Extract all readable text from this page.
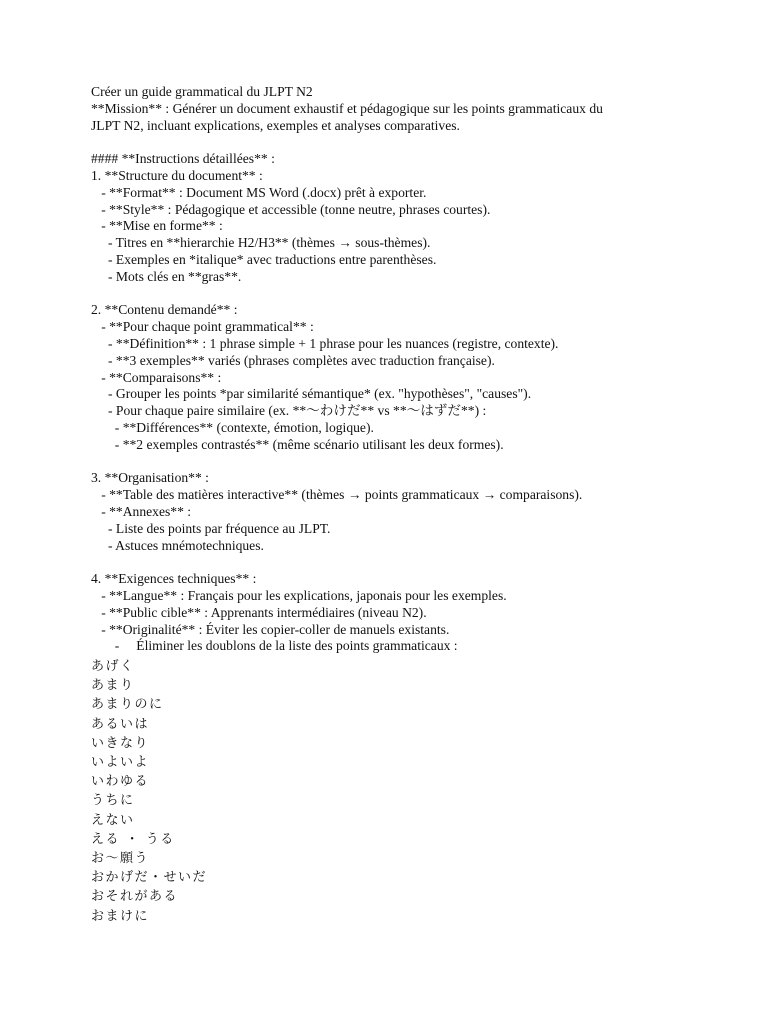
Créer un guide grammatical du JLPT N2
**Mission** : Générer un document exhaustif et pédagogique sur les points grammaticaux du
JLPT N2, incluant explications, exemples et analyses comparatives.
#### **Instructions détaillées** :
1. **Structure du document** :
- **Format** : Document MS Word (.docx) prêt à exporter.
- **Style** : Pédagogique et accessible (tonne neutre, phrases courtes).
- **Mise en forme** :
- Titres en **hierarchie H2/H3** (thèmes → sous-thèmes).
- Exemples en *italique* avec traductions entre parenthèses.
- Mots clés en **gras**.
2. **Contenu demandé** :
- **Pour chaque point grammatical** :
- **Définition** : 1 phrase simple + 1 phrase pour les nuances (registre, contexte).
- **3 exemples** variés (phrases complètes avec traduction française).
- **Comparaisons** :
- Grouper les points *par similarité sémantique* (ex. "hypothèses", "causes").
- Pour chaque paire similaire (ex. **～わけだ** vs **～はずだ**) :
- **Différences** (contexte, émotion, logique).
- **2 exemples contrastés** (même scénario utilisant les deux formes).
3. **Organisation** :
- **Table des matières interactive** (thèmes → points grammaticaux → comparaisons).
- **Annexes** :
- Liste des points par fréquence au JLPT.
- Astuces mnémotechniques.
4. **Exigences techniques** :
- **Langue** : Français pour les explications, japonais pour les exemples.
- **Public cible** : Apprenants intermédiaires (niveau N2).
- **Originalité** : Éviter les copier-coller de manuels existants.
-     Éliminer les doublons de la liste des points grammaticaux :
あげく
あまり
あまりのに
あるいは
いきなり
いよいよ
いわゆる
うちに
えない
える ・ うる
お～願う
おかげだ・せいだ
おそれがある
おまけに
